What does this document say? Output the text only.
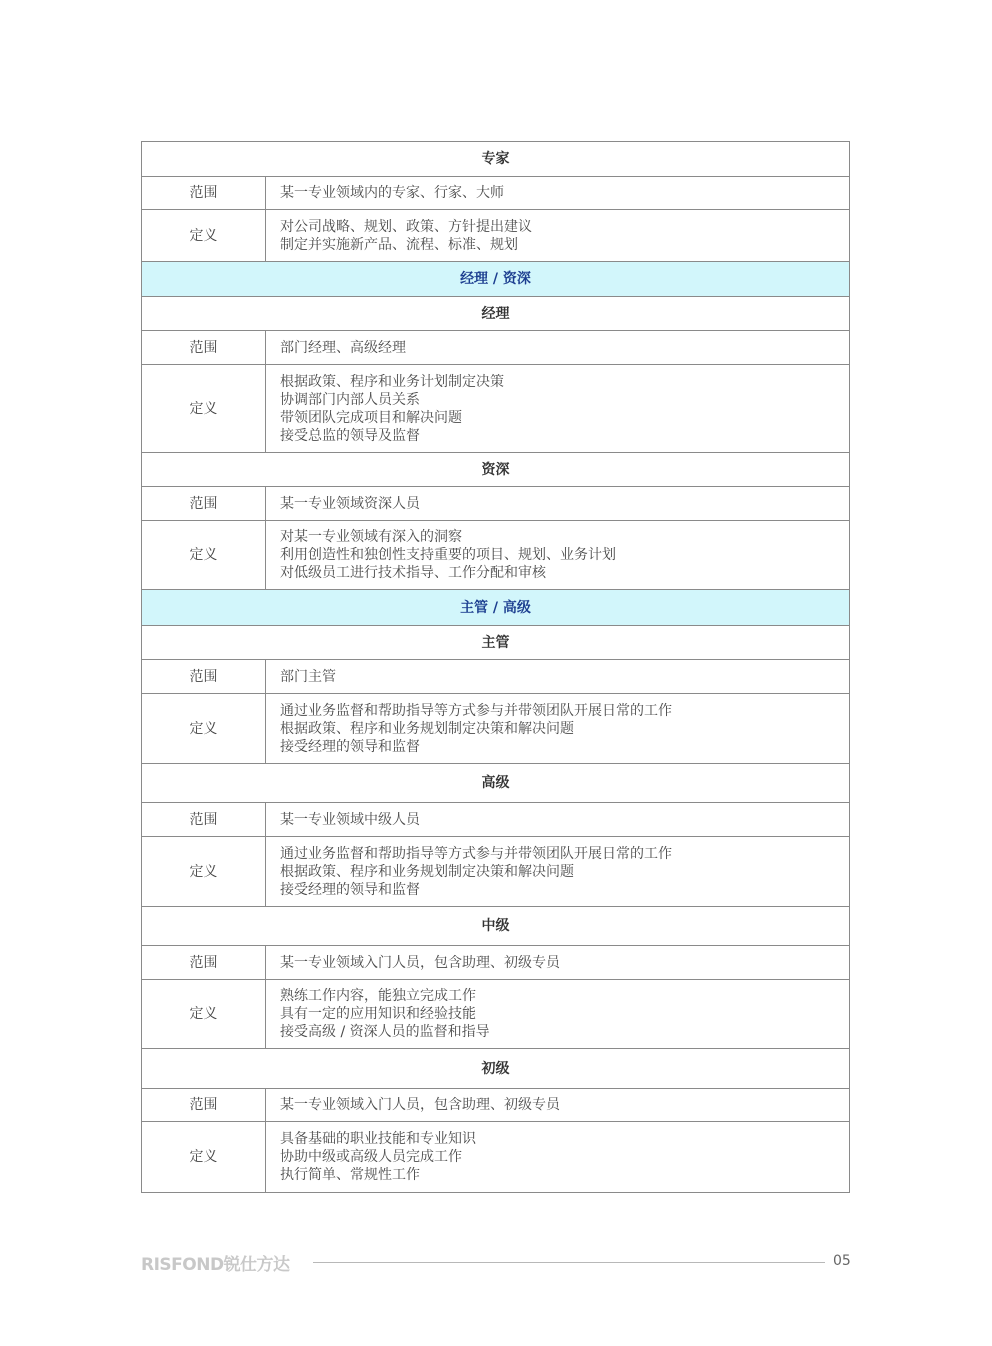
专家	
范围	某一专业领域内的专家、行家、大师
定义	对公司战略、规划、政策、方针提出建议
制定并实施新产品、流程、标准、规划

经理 / 资深	
经理	
范围	部门经理、高级经理
定义	根据政策、程序和业务计划制定决策
协调部门内部人员关系
带领团队完成项目和解决问题
接受总监的领导及监督

资深	
范围	某一专业领域资深人员
定义	对某一专业领域有深入的洞察
利用创造性和独创性支持重要的项目、规划、业务计划
对低级员工进行技术指导、工作分配和审核

主管 / 高级	
主管	
范围	部门主管
定义	通过业务监督和帮助指导等方式参与并带领团队开展日常的工作
根据政策、程序和业务规划制定决策和解决问题
接受经理的领导和监督

高级	
范围	某一专业领域中级人员
定义	通过业务监督和帮助指导等方式参与并带领团队开展日常的工作
根据政策、程序和业务规划制定决策和解决问题
接受经理的领导和监督

中级	
范围	某一专业领域入门人员，包含助理、初级专员
定义	熟练工作内容，能独立完成工作
具有一定的应用知识和经验技能
接受高级 / 资深人员的监督和指导

初级	
范围	某一专业领域入门人员，包含助理、初级专员
定义	具备基础的职业技能和专业知识
协助中级或高级人员完成工作
执行简单、常规性工作
RISFOND锐仕方达	05
